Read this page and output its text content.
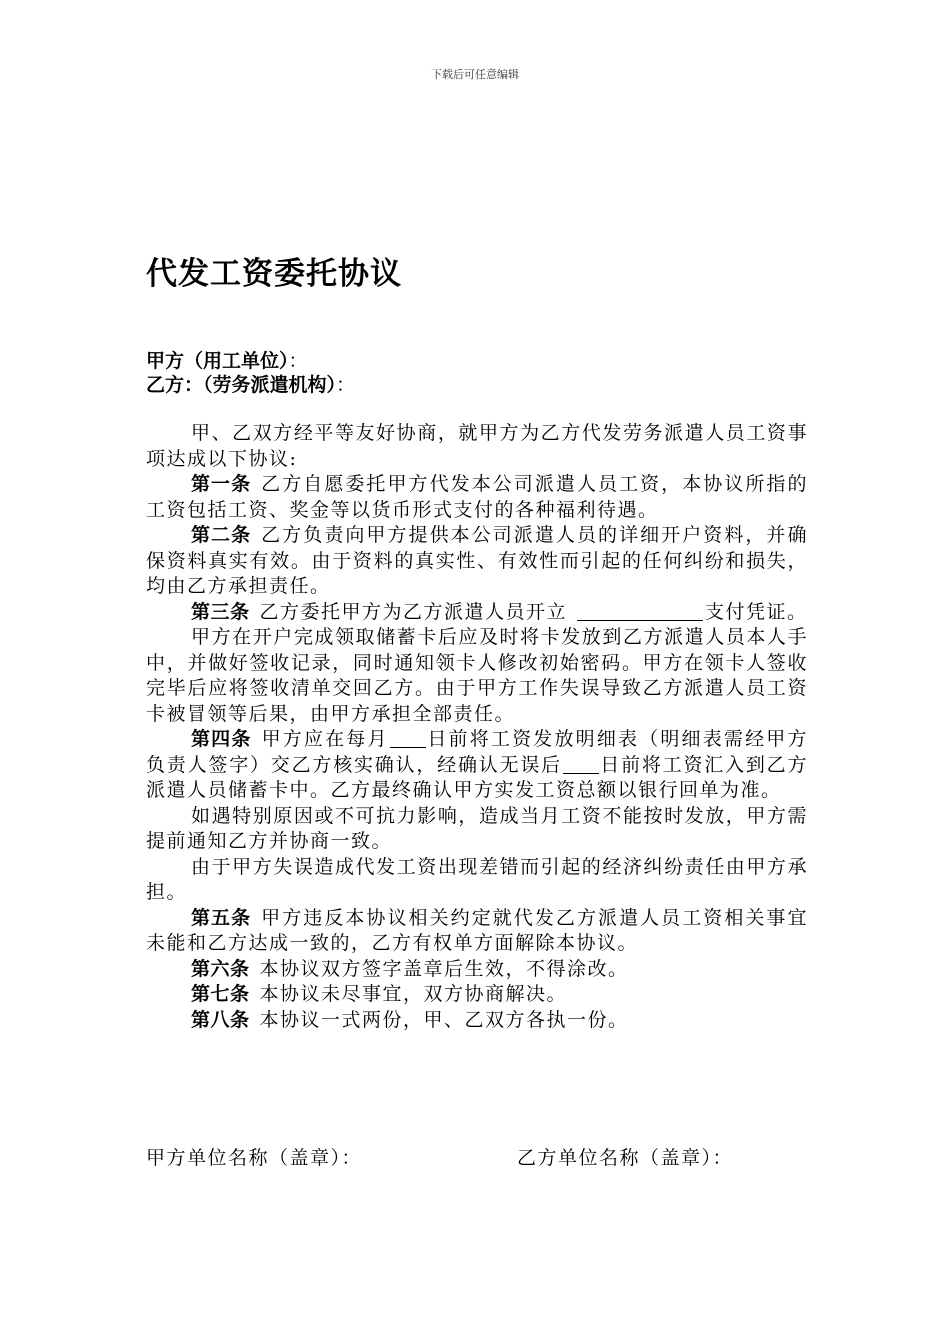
下载后可任意编辑
代发工资委托协议
甲方（用工单位）：
乙方：（劳务派遣机构）：

甲、乙双方经平等友好协商，就甲方为乙方代发劳务派遣人员工资事项达成以下协议:

第一条 乙方自愿委托甲方代发本公司派遣人员工资，本协议所指的工资包括工资、奖金等以货币形式支付的各种福利待遇。

第二条 乙方负责向甲方提供本公司派遣人员的详细开户资料，并确保资料真实有效。由于资料的真实性、有效性而引起的任何纠纷和损失，均由乙方承担责任。

第三条 乙方委托甲方为乙方派遣人员开立	支付凭证。

甲方在开户完成领取储蓄卡后应及时将卡发放到乙方派遣人员本人手中，并做好签收记录，同时通知领卡人修改初始密码。甲方在领卡人签收完毕后应将签收清单交回乙方。由于甲方工作失误导致乙方派遣人员工资卡被冒领等后果，由甲方承担全部责任。

第四条 甲方应在每月 日前将工资发放明细表（明细表需经甲方负责人签字）交乙方核实确认，经确认无误后 日前将工资汇入到乙方派遣人员储蓄卡中。乙方最终确认甲方实发工资总额以银行回单为准。

如遇特别原因或不可抗力影响，造成当月工资不能按时发放，甲方需提前通知乙方并协商一致。

由于甲方失误造成代发工资出现差错而引起的经济纠纷责任由甲方承担。

第五条 甲方违反本协议相关约定就代发乙方派遣人员工资相关事宜未能和乙方达成一致的，乙方有权单方面解除本协议。

第六条 本协议双方签字盖章后生效，不得涂改。

第七条 本协议未尽事宜，双方协商解决。

第八条 本协议一式两份，甲、乙双方各执一份。

甲方单位名称（盖章）：	乙方单位名称（盖章）：
